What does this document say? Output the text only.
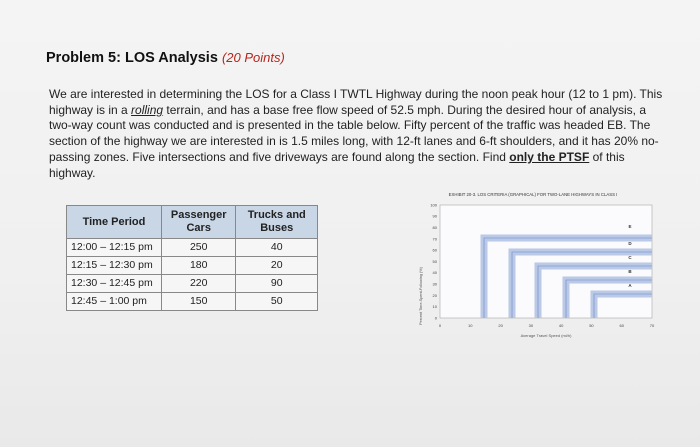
Problem 5: LOS Analysis (20 Points)
We are interested in determining the LOS for a Class I TWTL Highway during the noon peak hour (12 to 1 pm). This highway is in a rolling terrain, and has a base free flow speed of 52.5 mph. During the desired hour of analysis, a two-way count was conducted and is presented in the table below. Fifty percent of the traffic was headed EB. The section of the highway we are interested in is 1.5 miles long, with 12-ft lanes and 6-ft shoulders, and it has 20% no-passing zones. Five intersections and five driveways are found along the section. Find only the PTSF of this highway.
Time Period	Passenger Cars	Trucks and Buses
12:00 – 12:15 pm	250	40
12:15 – 12:30 pm	180	20
12:30 – 12:45 pm	220	90
12:45 – 1:00 pm	150	50
EXHIBIT 20-3. LOS CRITERIA (GRAPHICAL) FOR TWO-LANE HIGHWAYS IN CLASS I
Percent Time-Spent-Following (%)
100
90
80
70
60
50
40
30
20
10
0
0	10	20	30	40	50	60	70
E
D
C
B
A
Average Travel Speed (mi/h)
